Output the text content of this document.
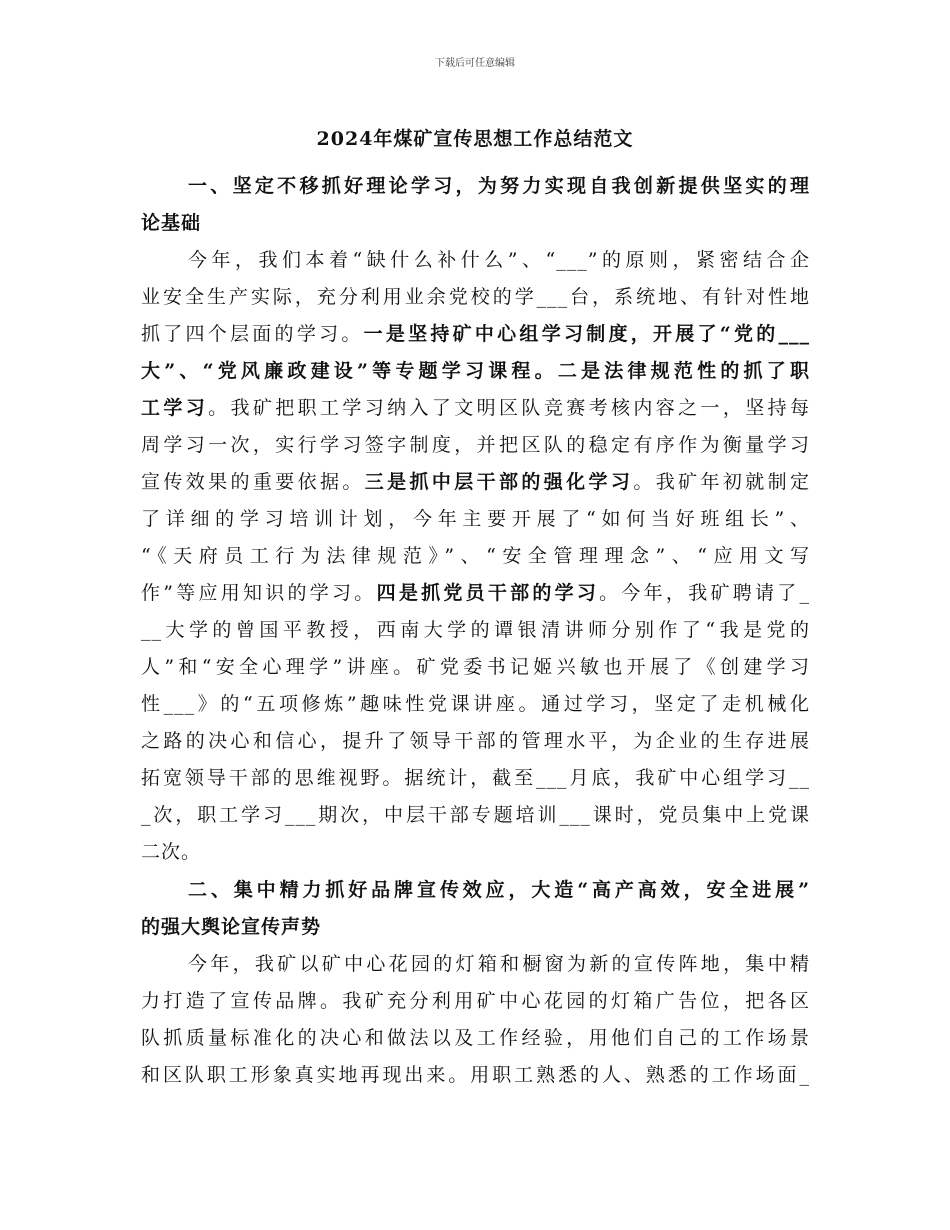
下载后可任意编辑
2024年煤矿宣传思想工作总结范文
一、坚定不移抓好理论学习，为努力实现自我创新提供坚实的理
论基础
今年，我们本着“缺什么补什么”、“___”的原则，紧密结合企
业安全生产实际，充分利用业余党校的学___台，系统地、有针对性地
抓了四个层面的学习。一是坚持矿中心组学习制度，开展了“党的___
大”、“党风廉政建设”等专题学习课程。二是法律规范性的抓了职
工学习。我矿把职工学习纳入了文明区队竞赛考核内容之一，坚持每
周学习一次，实行学习签字制度，并把区队的稳定有序作为衡量学习
宣传效果的重要依据。三是抓中层干部的强化学习。我矿年初就制定
了详细的学习培训计划，今年主要开展了“如何当好班组长”、
“《天府员工行为法律规范》”、“安全管理理念”、“应用文写
作”等应用知识的学习。四是抓党员干部的学习。今年，我矿聘请了_
__大学的曾国平教授，西南大学的谭银清讲师分别作了“我是党的
人”和“安全心理学”讲座。矿党委书记姬兴敏也开展了《创建学习
性___》的“五项修炼”趣味性党课讲座。通过学习，坚定了走机械化
之路的决心和信心，提升了领导干部的管理水平，为企业的生存进展
拓宽领导干部的思维视野。据统计，截至___月底，我矿中心组学习__
_次，职工学习___期次，中层干部专题培训___课时，党员集中上党课
二次。
二、集中精力抓好品牌宣传效应，大造“高产高效，安全进展”
的强大舆论宣传声势
今年，我矿以矿中心花园的灯箱和橱窗为新的宣传阵地，集中精
力打造了宣传品牌。我矿充分利用矿中心花园的灯箱广告位，把各区
队抓质量标准化的决心和做法以及工作经验，用他们自己的工作场景
和区队职工形象真实地再现出来。用职工熟悉的人、熟悉的工作场面_
